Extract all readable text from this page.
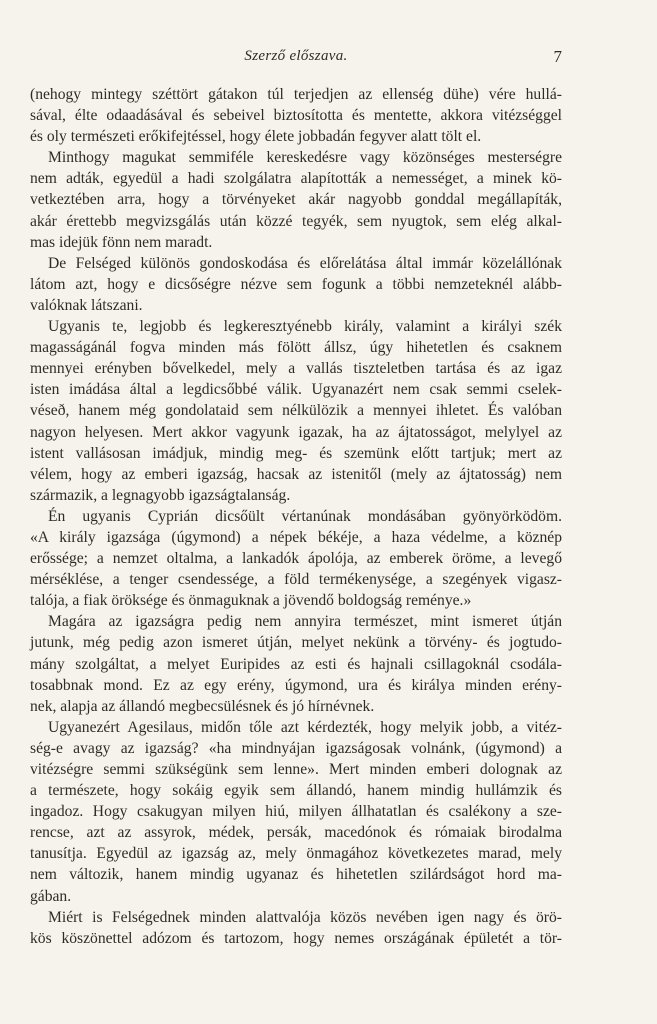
Szerző előszava.	7
(nehogy mintegy széttört gátakon túl terjedjen az ellenség dühe) vére hullá-
sával, élte odaadásával és sebeivel biztosította és mentette, akkora vitézséggel
és oly természeti erőkifejtéssel, hogy élete jobbadán fegyver alatt tölt el.
Minthogy magukat semmiféle kereskedésre vagy közönséges mesterségre
nem adták, egyedül a hadi szolgálatra alapították a nemességet, a minek kö-
vetkeztében arra, hogy a törvényeket akár nagyobb gonddal megállapíták,
akár érettebb megvizsgálás után közzé tegyék, sem nyugtok, sem elég alkal-
mas idejük fönn nem maradt.
De Felséged különös gondoskodása és előrelátása által immár közelállónak
látom azt, hogy e dicsőségre nézve sem fogunk a többi nemzeteknél alább-
valóknak látszani.
Ugyanis te, legjobb és legkeresztyénebb király, valamint a királyi szék
magasságánál fogva minden más fölött állsz, úgy hihetetlen és csaknem
mennyei erényben bővelkedel, mely a vallás tiszteletben tartása és az igaz
isten imádása által a legdicsőbbé válik. Ugyanazért nem csak semmi cselek-
véseð, hanem még gondolataid sem nélkülözik a mennyei ihletet. És valóban
nagyon helyesen. Mert akkor vagyunk igazak, ha az ájtatosságot, melylyel az
istent vallásosan imádjuk, mindig meg- és szemünk előtt tartjuk; mert az
vélem, hogy az emberi igazság, hacsak az istenitől (mely az ájtatosság) nem
származik, a legnagyobb igazságtalanság.
Én ugyanis Cyprián dicsőült vértanúnak mondásában gyönyörködöm.
«A király igazsága (úgymond) a népek békéje, a haza védelme, a köznép
erőssége; a nemzet oltalma, a lankadók ápolója, az emberek öröme, a levegő
mérséklése, a tenger csendessége, a föld termékenysége, a szegények vigasz-
talója, a fiak öröksége és önmaguknak a jövendő boldogság reménye.»
Magára az igazságra pedig nem annyira természet, mint ismeret útján
jutunk, még pedig azon ismeret útján, melyet nekünk a törvény- és jogtudo-
mány szolgáltat, a melyet Euripides az esti és hajnali csillagoknál csodála-
tosabbnak mond. Ez az egy erény, úgymond, ura és királya minden erény-
nek, alapja az állandó megbecsülésnek és jó hírnévnek.
Ugyanezért Agesilaus, midőn tőle azt kérdezték, hogy melyik jobb, a vitéz-
ség-e avagy az igazság? «ha mindnyájan igazságosak volnánk, (úgymond) a
vitézségre semmi szükségünk sem lenne». Mert minden emberi dolognak az
a természete, hogy sokáig egyik sem állandó, hanem mindig hullámzik és
ingadoz. Hogy csakugyan milyen hiú, milyen állhatatlan és csalékony a sze-
rencse, azt az assyrok, médek, persák, macedónok és rómaiak birodalma
tanusítja. Egyedül az igazság az, mely önmagához következetes marad, mely
nem változik, hanem mindig ugyanaz és hihetetlen szilárdságot hord ma-
gában.
Miért is Felségednek minden alattvalója közös nevében igen nagy és örö-
kös köszönettel adózom és tartozom, hogy nemes országának épületét a tör-
